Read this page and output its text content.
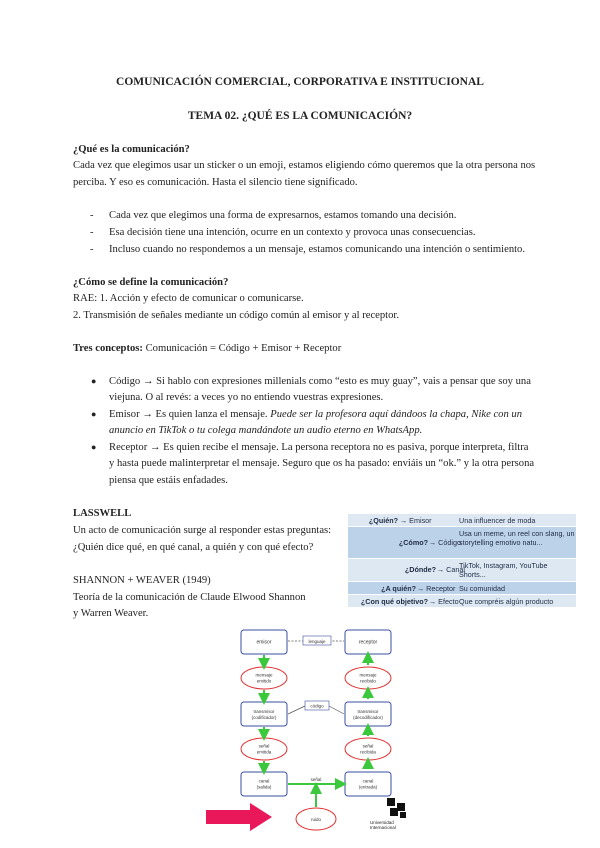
COMUNICACIÓN COMERCIAL, CORPORATIVA E INSTITUCIONAL
TEMA 02. ¿QUÉ ES LA COMUNICACIÓN?
¿Qué es la comunicación?
Cada vez que elegimos usar un sticker o un emoji, estamos eligiendo cómo queremos que la otra persona nos
perciba. Y eso es comunicación. Hasta el silencio tiene significado.
- Cada vez que elegimos una forma de expresarnos, estamos tomando una decisión.
- Esa decisión tiene una intención, ocurre en un contexto y provoca unas consecuencias.
- Incluso cuando no respondemos a un mensaje, estamos comunicando una intención o sentimiento.
¿Cómo se define la comunicación?
RAE: 1. Acción y efecto de comunicar o comunicarse.
2. Transmisión de señales mediante un código común al emisor y al receptor.
Tres conceptos: Comunicación = Código + Emisor + Receptor
● Código → Si hablo con expresiones millenials como “esto es muy guay”, vais a pensar que soy una
viejuna. O al revés: a veces yo no entiendo vuestras expresiones.
● Emisor → Es quien lanza el mensaje. Puede ser la profesora aquí dándoos la chapa, Nike con un
anuncio en TikTok o tu colega mandándote un audio eterno en WhatsApp.
● Receptor → Es quien recibe el mensaje. La persona receptora no es pasiva, porque interpreta, filtra
y hasta puede malinterpretar el mensaje. Seguro que os ha pasado: enviáis un “ok.” y la otra persona
piensa que estáis enfadades.
LASSWELL
Un acto de comunicación surge al responder estas preguntas:
¿Quién dice qué, en qué canal, a quién y con qué efecto?
¿Quién? → Emisor	Una influencer de moda
¿Cómo? → Código
Usa un meme, un reel con slang, un storytelling emotivo natu...
¿Dónde? → Canal
TikTok, Instagram, YouTube Shorts...
¿A quién? → Receptor Su comunidad
¿Con qué objetivo? → Efecto Que compréis algún producto
SHANNON + WEAVER (1949)
Teoría de la comunicación de Claude Elwood Shannon
y Warren Weaver.
lenguaje
código
emisor	receptor
mensaje
emitido
mensaje
recibido
transmisor
(codificador)
transmisor
(decodificador)
señal
emitida
señal
recibida
canal
(salida)
canal
(entrada)
señal
ruido
Universidad
Internacional
